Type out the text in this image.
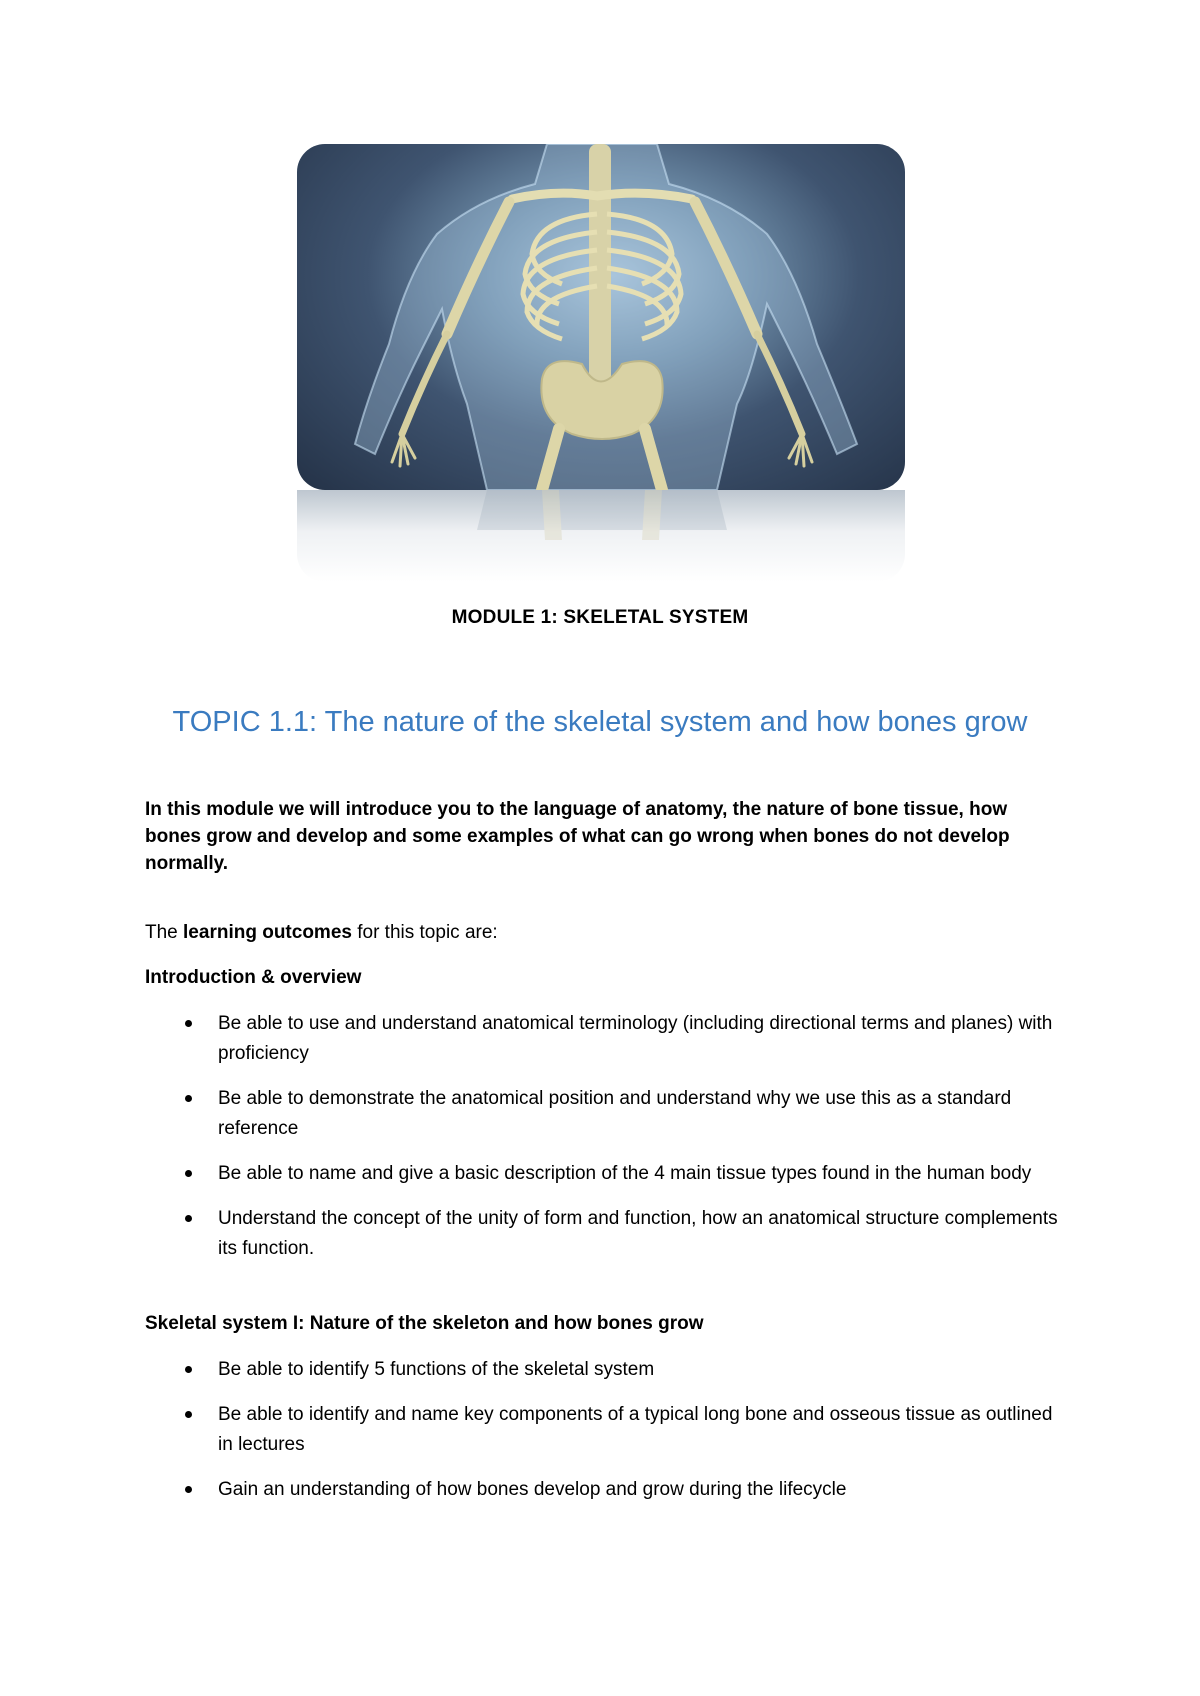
MODULE 1: SKELETAL SYSTEM
TOPIC 1.1: The nature of the skeletal system and how bones grow
In this module we will introduce you to the language of anatomy, the nature of bone tissue, how bones grow and develop and some examples of what can go wrong when bones do not develop normally.
The learning outcomes for this topic are:
Introduction & overview
Be able to use and understand anatomical terminology (including directional terms and planes) with proficiency
Be able to demonstrate the anatomical position and understand why we use this as a standard reference
Be able to name and give a basic description of the 4 main tissue types found in the human body
Understand the concept of the unity of form and function, how an anatomical structure complements its function.
Skeletal system I: Nature of the skeleton and how bones grow
Be able to identify 5 functions of the skeletal system
Be able to identify and name key components of a typical long bone and osseous tissue as outlined in lectures
Gain an understanding of how bones develop and grow during the lifecycle
